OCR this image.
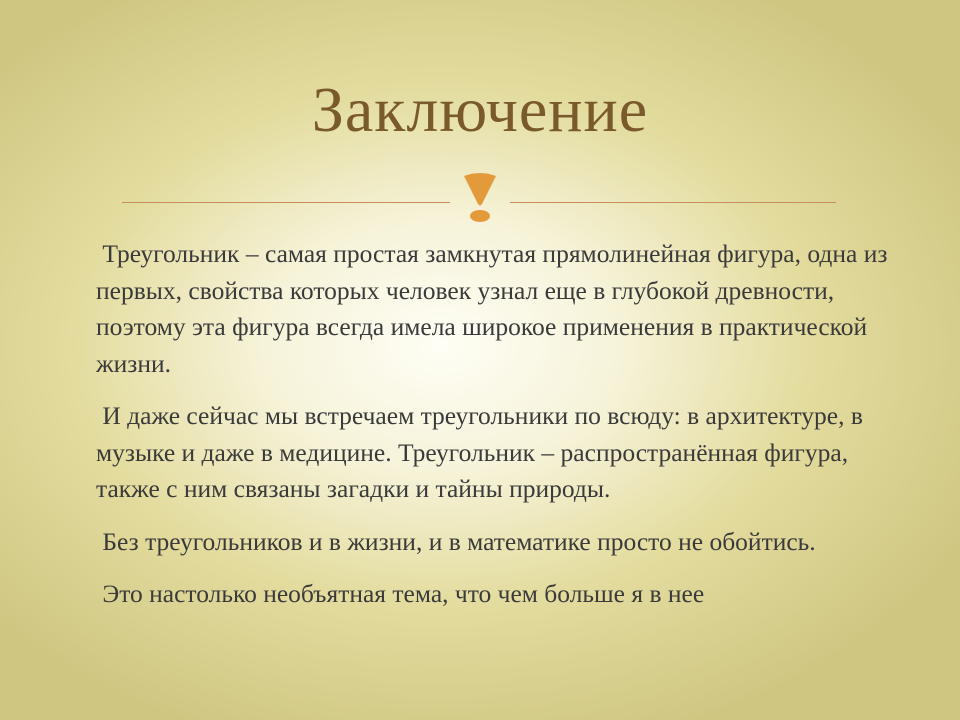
Заключение

Треугольник – самая простая замкнутая прямолинейная фигура, одна из первых, свойства которых человек узнал еще в глубокой древности, поэтому эта фигура всегда имела широкое применения в практической жизни.

И даже сейчас мы встречаем треугольники по всюду: в архитектуре, в музыке и даже в медицине. Треугольник – распространённая фигура, также с ним связаны загадки и тайны природы.

Без треугольников и в жизни, и в математике просто не обойтись.

Это настолько необъятная тема, что чем больше я в нее
